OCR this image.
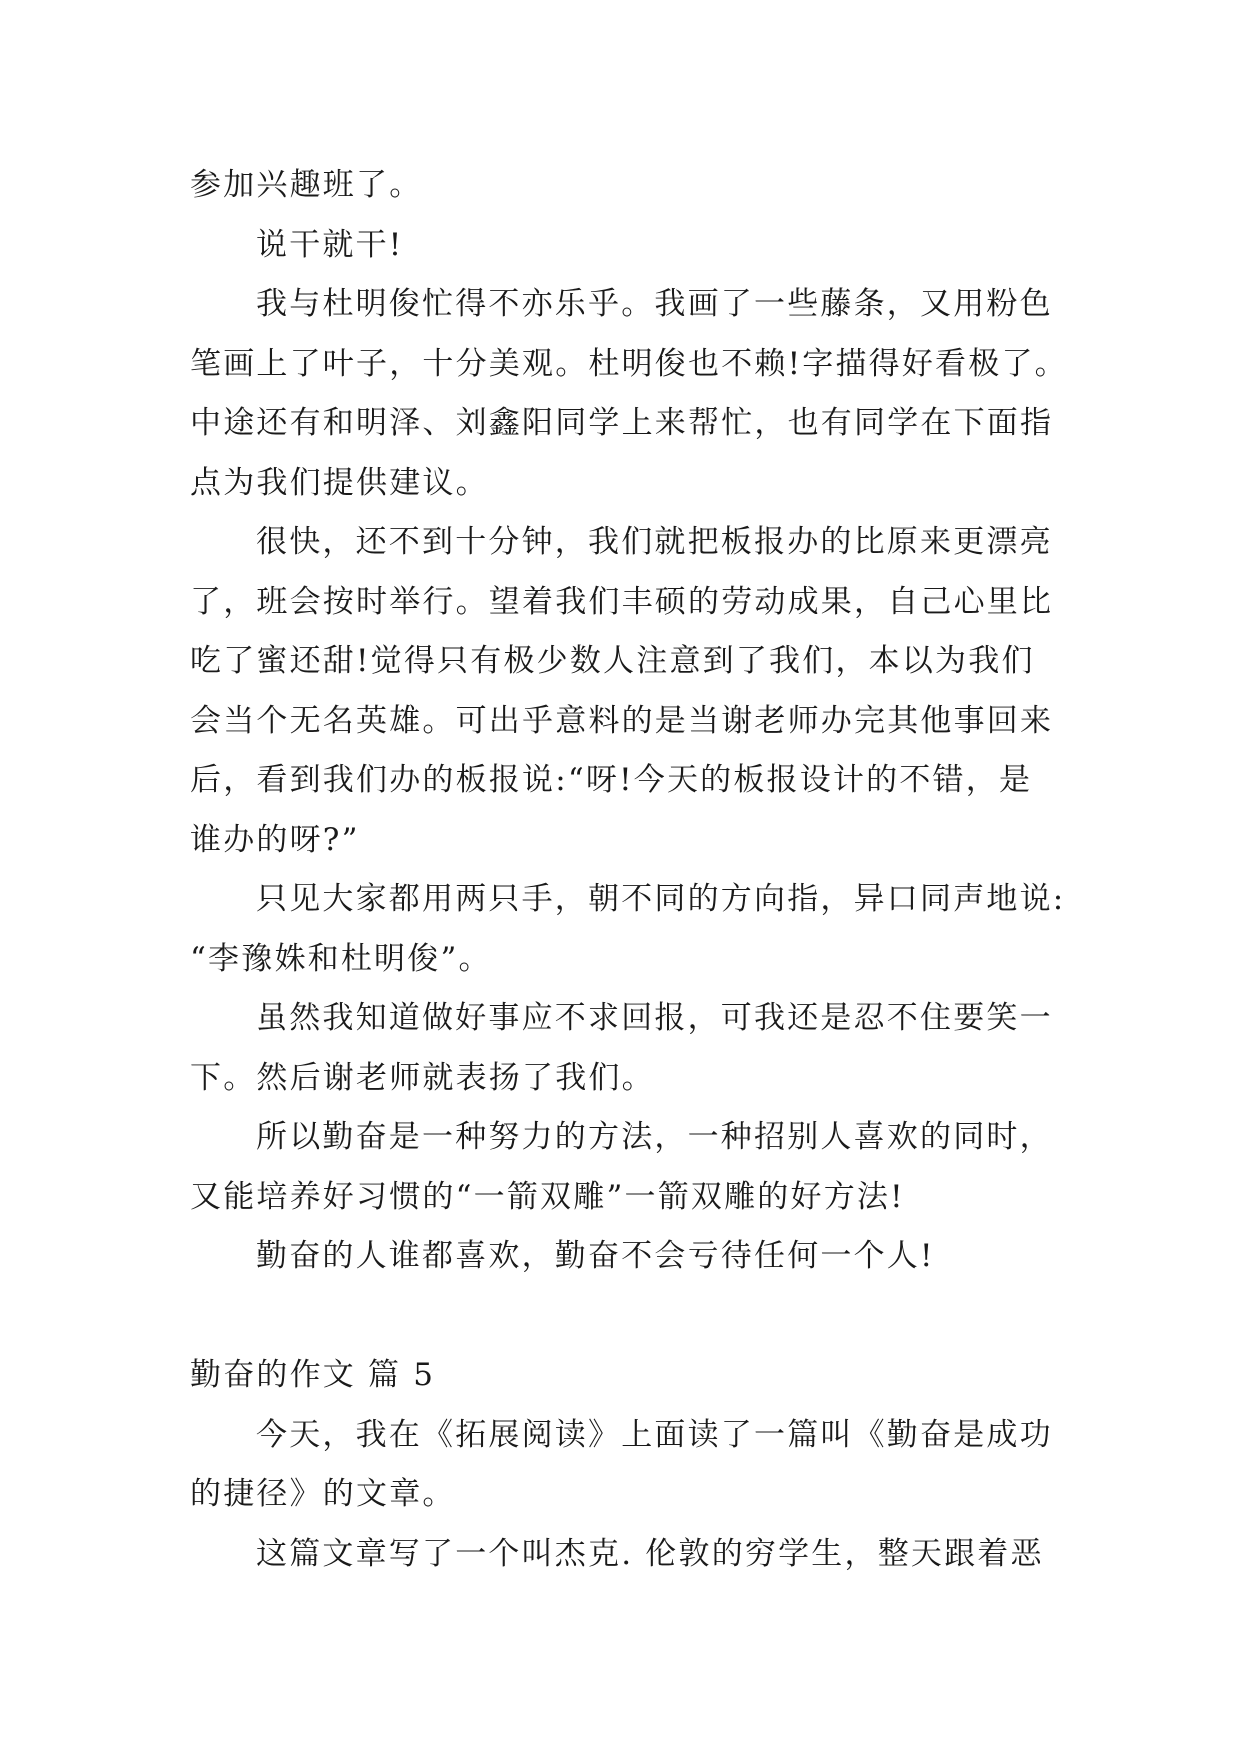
参加兴趣班了。
说干就干!
我与杜明俊忙得不亦乐乎。我画了一些藤条，又用粉色
笔画上了叶子，十分美观。杜明俊也不赖!字描得好看极了。
中途还有和明泽、刘鑫阳同学上来帮忙，也有同学在下面指
点为我们提供建议。
很快，还不到十分钟，我们就把板报办的比原来更漂亮
了，班会按时举行。望着我们丰硕的劳动成果，自己心里比
吃了蜜还甜!觉得只有极少数人注意到了我们，本以为我们
会当个无名英雄。可出乎意料的是当谢老师办完其他事回来
后，看到我们办的板报说:“呀!今天的板报设计的不错，是
谁办的呀?”
只见大家都用两只手，朝不同的方向指，异口同声地说:
“李豫姝和杜明俊”。
虽然我知道做好事应不求回报，可我还是忍不住要笑一
下。然后谢老师就表扬了我们。
所以勤奋是一种努力的方法，一种招别人喜欢的同时，
又能培养好习惯的“一箭双雕”一箭双雕的好方法!
勤奋的人谁都喜欢，勤奋不会亏待任何一个人!
勤奋的作文 篇 5
今天，我在《拓展阅读》上面读了一篇叫《勤奋是成功
的捷径》的文章。
这篇文章写了一个叫杰克. 伦敦的穷学生，整天跟着恶
